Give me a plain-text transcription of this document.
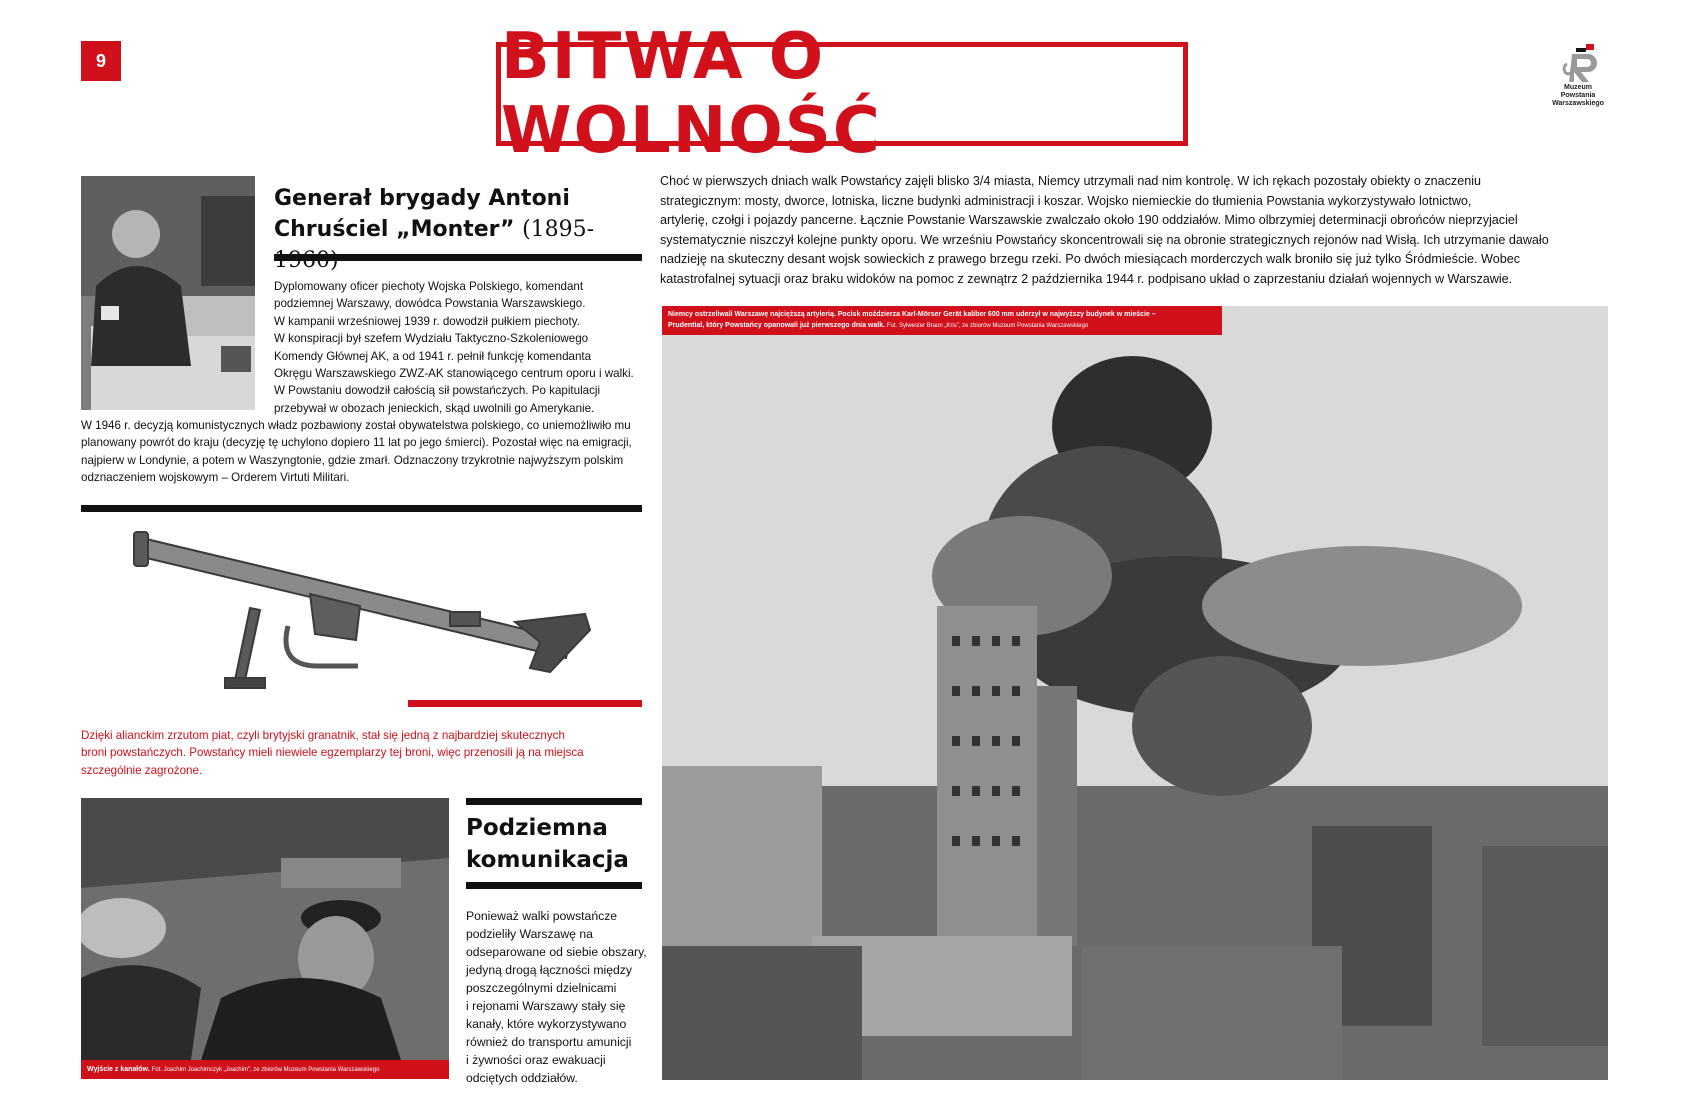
9	BITWA O WOLNOŚĆ
Muzeum
Powstania
Warszawskiego
Generał brygady Antoni
Chruściel „Monter” (1895-
Dyplomowany oficer piechoty Wojska Polskiego, komendant
podziemnej Warszawy, dowódca Powstania Warszawskiego.
W kampanii wrześniowej 1939 r. dowodził pułkiem piechoty.
W konspiracji był szefem Wydziału Taktyczno-Szkoleniowego
Komendy Głównej AK, a od 1941 r. pełnił funkcję komendanta
Okręgu Warszawskiego ZWZ-AK stanowiącego centrum oporu i walki.
W Powstaniu dowodził całością sił powstańczych. Po kapitulacji
przebywał w obozach jenieckich, skąd uwolnili go Amerykanie.
W 1946 r. decyzją komunistycznych władz pozbawiony został obywatelstwa polskiego, co uniemożliwiło mu
planowany powrót do kraju (decyzję tę uchylono dopiero 11 lat po jego śmierci). Pozostał więc na emigracji,
najpierw w Londynie, a potem w Waszyngtonie, gdzie zmarł. Odznaczony trzykrotnie najwyższym polskim
odznaczeniem wojskowym – Orderem Virtuti Militari.
Dzięki alianckim zrzutom piat, czyli brytyjski granatnik, stał się jedną z najbardziej skutecznych
broni powstańczych. Powstańcy mieli niewiele egzemplarzy tej broni, więc przenosili ją na miejsca
szczególnie zagrożone.
Wyjście z kanałów. Fot. Joachim Joachimczyk „Joachim”, ze zbiorów Muzeum Powstania Warszawskiego
Podziemna
komunikacja
Ponieważ walki powstańcze
podzieliły Warszawę na
odseparowane od siebie obszary,
jedyną drogą łączności między
poszczególnymi dzielnicami
i rejonami Warszawy stały się
kanały, które wykorzystywano
również do transportu amunicji
i żywności oraz ewakuacji
odciętych oddziałów.
Choć w pierwszych dniach walk Powstańcy zajęli blisko 3/4 miasta, Niemcy utrzymali nad nim kontrolę. W ich rękach pozostały obiekty o znaczeniu
strategicznym: mosty, dworce, lotniska, liczne budynki administracji i koszar. Wojsko niemieckie do tłumienia Powstania wykorzystywało lotnictwo,
artylerię, czołgi i pojazdy pancerne. Łącznie Powstanie Warszawskie zwalczało około 190 oddziałów. Mimo olbrzymiej determinacji obrońców nieprzyjaciel
systematycznie niszczył kolejne punkty oporu. We wrześniu Powstańcy skoncentrowali się na obronie strategicznych rejonów nad Wisłą. Ich utrzymanie dawało
nadzieję na skuteczny desant wojsk sowieckich z prawego brzegu rzeki. Po dwóch miesiącach morderczych walk broniło się już tylko Śródmieście. Wobec
katastrofalnej sytuacji oraz braku widoków na pomoc z zewnątrz 2 października 1944 r. podpisano układ o zaprzestaniu działań wojennych w Warszawie.
Niemcy ostrzeliwali Warszawę najcięższą artylerią. Pocisk moździerza Karl-Mörser Gerät kaliber 600 mm uderzył w najwyższy budynek w mieście –
Prudential, który Powstańcy opanowali już pierwszego dnia walk. Fot. Sylwester Braun „Kris”, ze zbiorów Muzeum Powstania Warszawskiego
